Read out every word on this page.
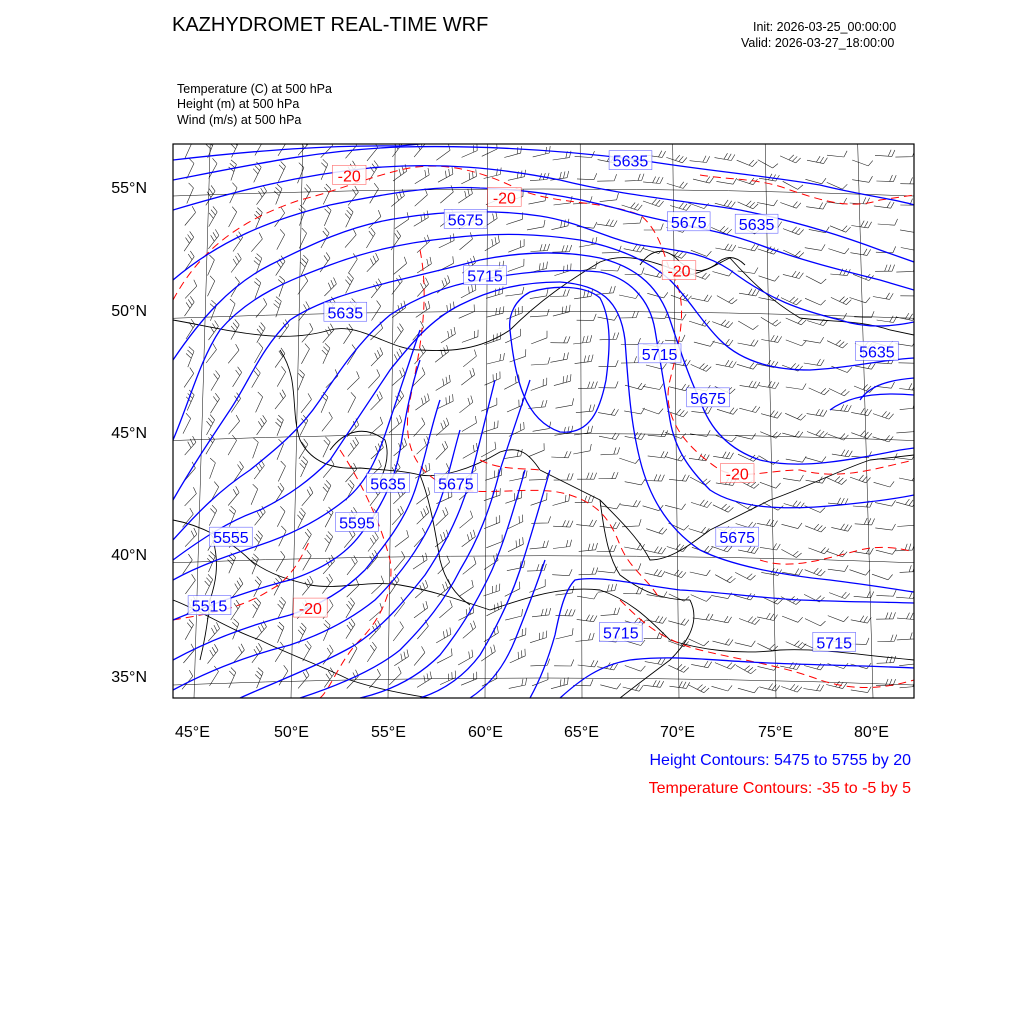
KAZHYDROMET REAL-TIME WRF	Init: 2026-03-25_00:00:00
Valid: 2026-03-27_18:00:00
Temperature (C) at 500 hPa
Height (m) at 500 hPa
Wind (m/s) at 500 hPa
-20
-20
-20
-20
-20
5635
5675	5675 5635
5715
5635
5715	5635
5675
5635 5675
5595
5555	5675
5515
5715
5715
55°N
50°N
45°N
40°N
35°N
45°E	50°E	55°E	60°E	65°E	70°E	75°E	80°E
Height Contours: 5475 to 5755 by 20
Temperature Contours: -35 to -5 by 5
